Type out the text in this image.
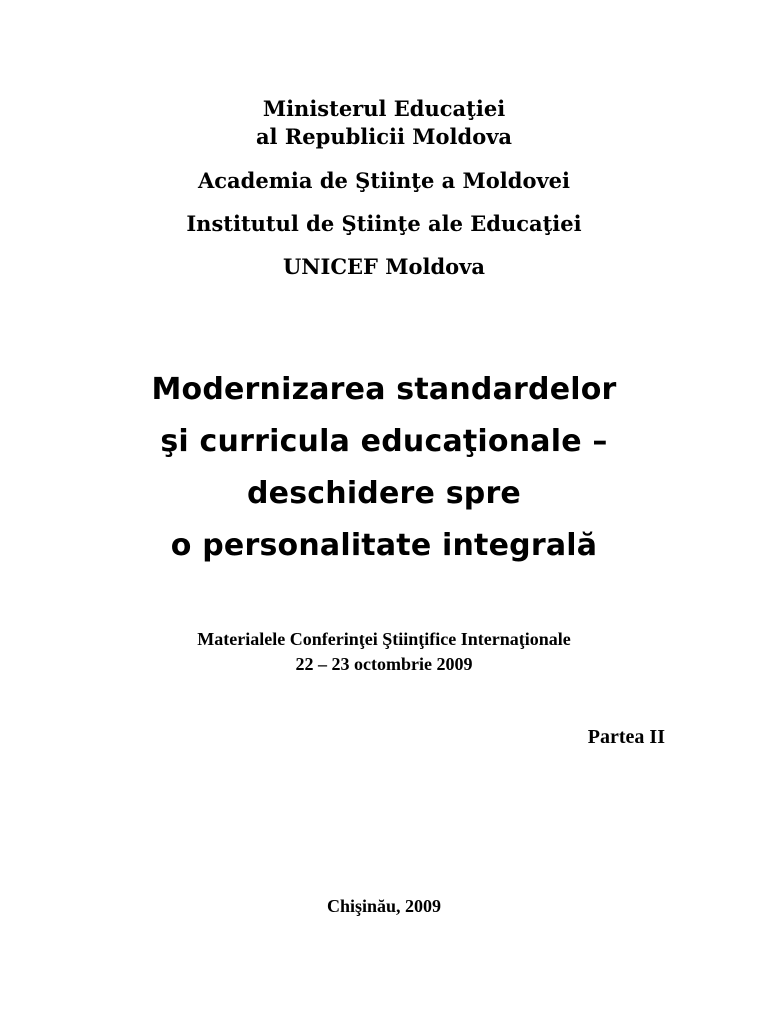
Ministerul Educaţiei
al Republicii Moldova
Academia de Ştiinţe a Moldovei
Institutul de Ştiinţe ale Educaţiei
UNICEF Moldova
Modernizarea standardelor
şi curricula educaţionale –
deschidere spre
o personalitate integrală
Materialele Conferinţei Ştiinţifice Internaţionale
22 – 23 octombrie 2009
Partea II
Chişinău, 2009
